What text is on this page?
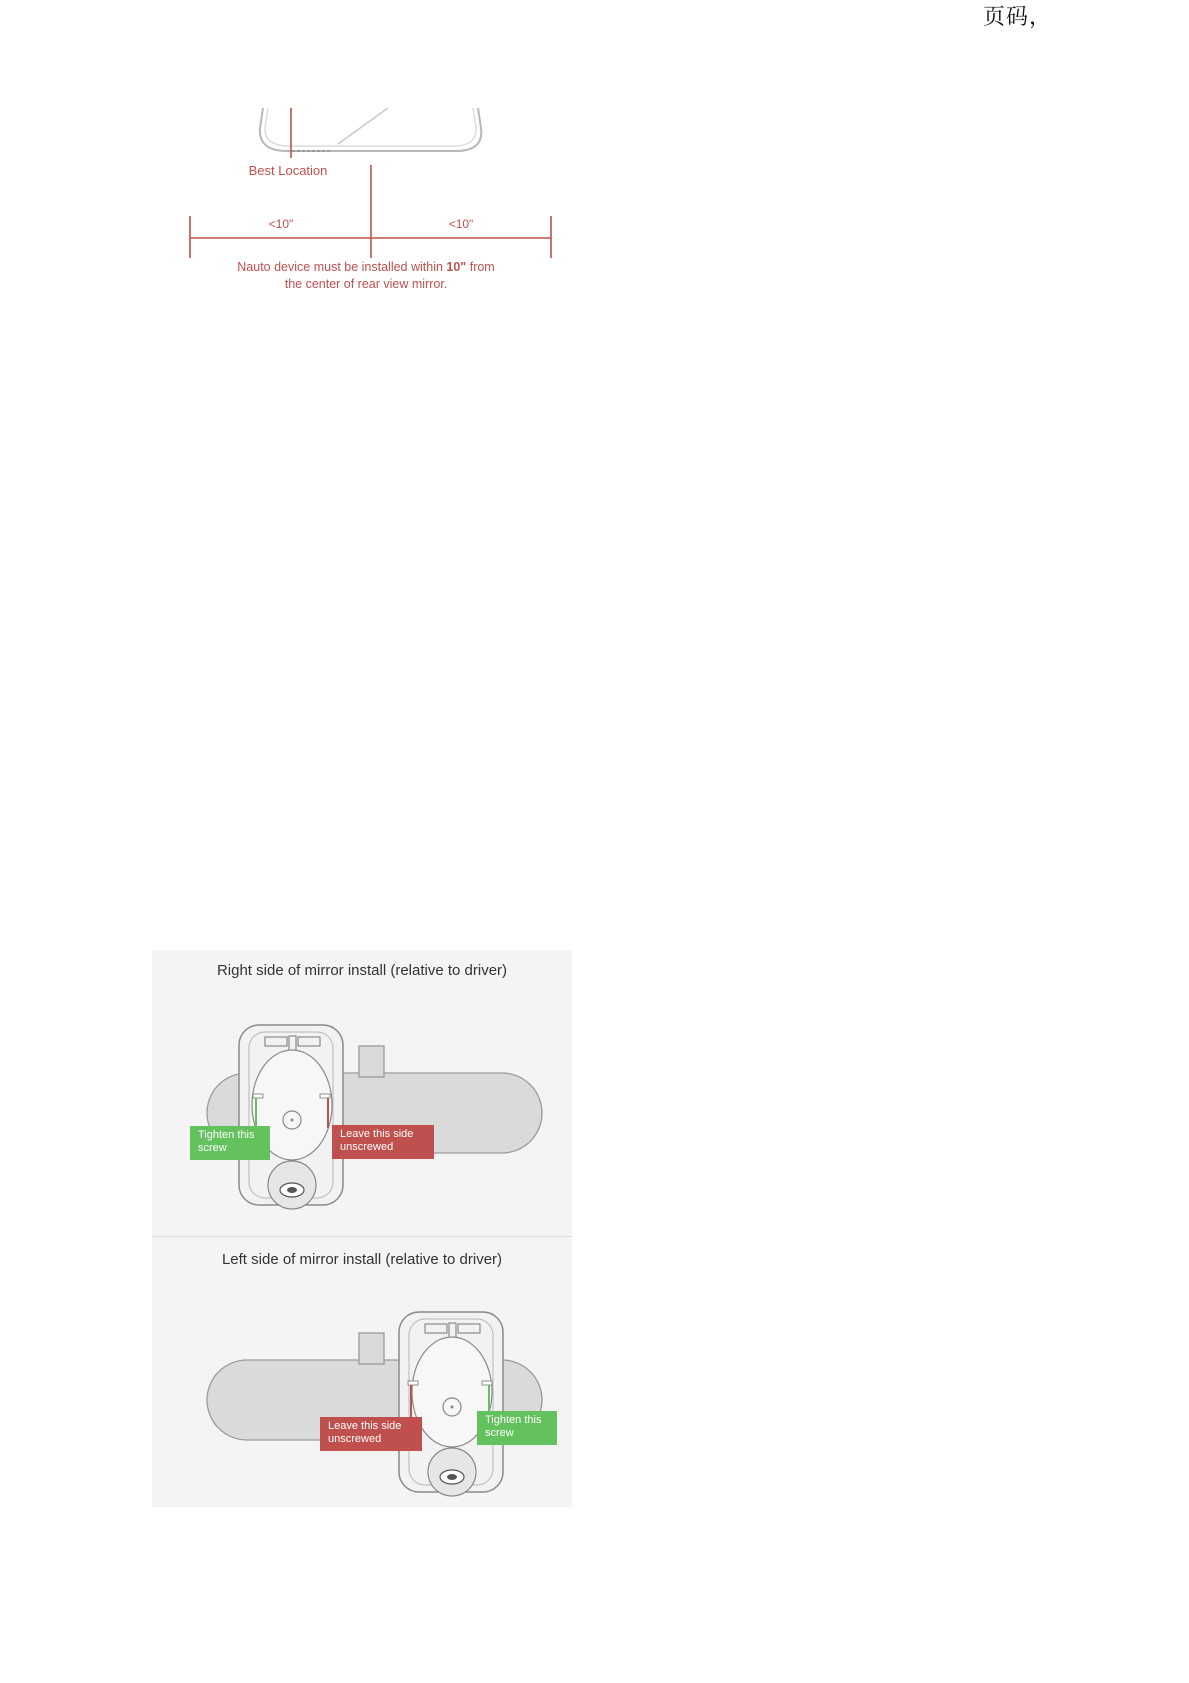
页码，
Best Location
<10"	<10"
Nauto device must be installed within 10" from
the center of rear view mirror.
Right side of mirror install (relative to driver)
Tighten this
screw
Leave this side
unscrewed
Left side of mirror install (relative to driver)
Leave this side
unscrewed
Tighten this
screw
